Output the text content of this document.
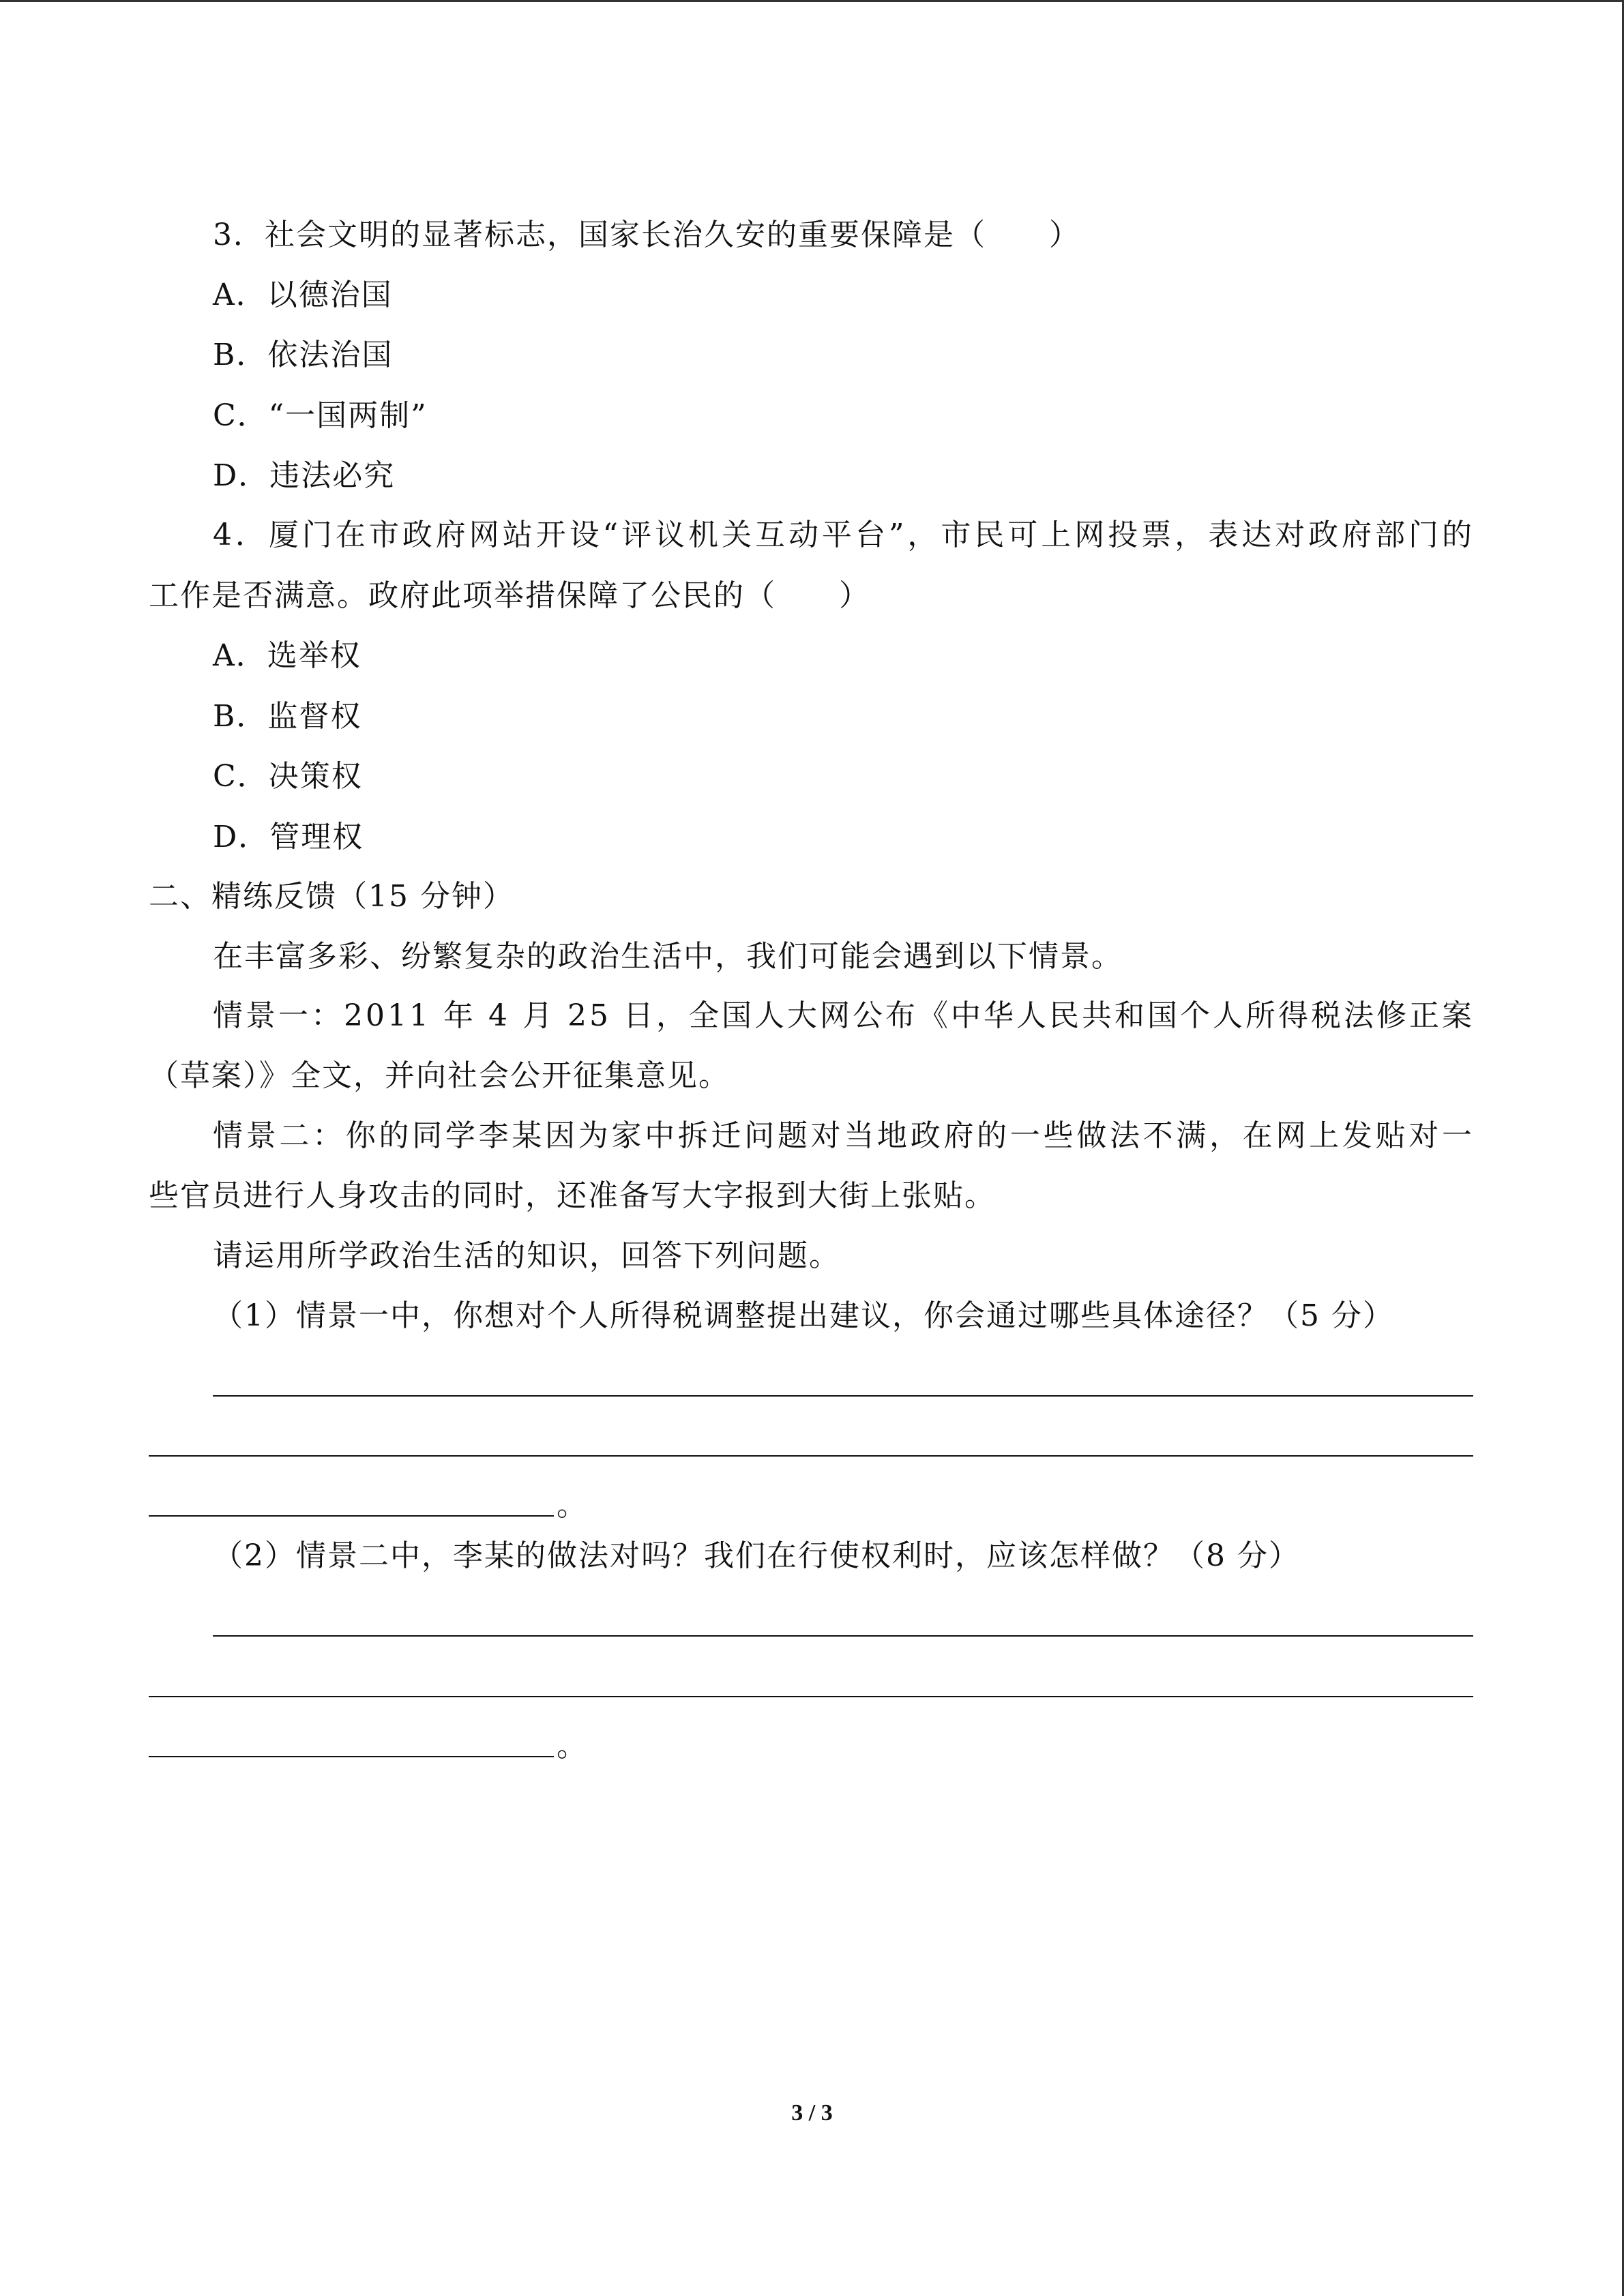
3．社会文明的显著标志，国家长治久安的重要保障是（　　）
A．以德治国
B．依法治国
C．“一国两制”
D．违法必究
4．厦门在市政府网站开设“评议机关互动平台”，市民可上网投票，表达对政府部门的
工作是否满意。政府此项举措保障了公民的（　　）
A．选举权
B．监督权
C．决策权
D．管理权
二、精练反馈（15 分钟）
在丰富多彩、纷繁复杂的政治生活中，我们可能会遇到以下情景。
情景一：2011 年 4 月 25 日，全国人大网公布《中华人民共和国个人所得税法修正案
（草案）》全文，并向社会公开征集意见。
情景二：你的同学李某因为家中拆迁问题对当地政府的一些做法不满，在网上发贴对一
些官员进行人身攻击的同时，还准备写大字报到大街上张贴。
请运用所学政治生活的知识，回答下列问题。
（1）情景一中，你想对个人所得税调整提出建议，你会通过哪些具体途径？（5 分）
。
（2）情景二中，李某的做法对吗？我们在行使权利时，应该怎样做？（8 分）
。
3 / 3
